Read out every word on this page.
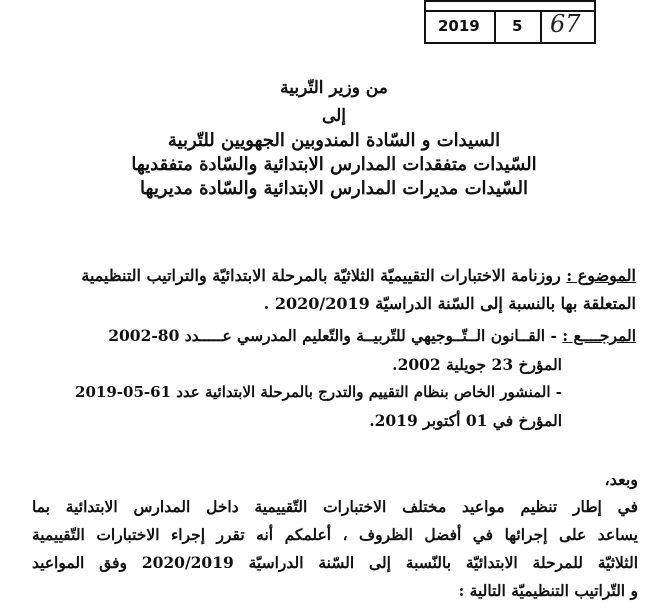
2019 5 67
من وزير التّربية
إلى
السيدات و السّادة المندوبين الجهويين للتّربية
السّيدات متفقدات المدارس الابتدائية والسّادة متفقديها
السّيدات مديرات المدارس الابتدائية والسّادة مديريها
الموضوع : روزنامة الاختبارات التقييميّة الثلاثيّة بالمرحلة الابتدائيّة والتراتيب التنظيمية
المتعلقة بها بالنسبة إلى السّنة الدراسيّة 2020/2019 .
المرجــــع : - القــانون الــتّــوجيهي للتّربيــة والتّعليم المدرسي عـــــدد 80-2002
المؤرخ 23 جويلية 2002.
- المنشور الخاص بنظام التقييم والتدرج بالمرحلة الابتدائية عدد 61-05-2019
المؤرخ في 01 أكتوبر 2019.
وبعد،
في إطار تنظيم مواعيد مختلف الاختبارات التّقييمية داخل المدارس الابتدائية بما
يساعد على إجرائها في أفضل الظروف ، أعلمكم أنه تقرر إجراء الاختبارات التّقييمية
الثلاثيّة للمرحلة الابتدائيّة بالنّسبة إلى السّنة الدراسيّة 2020/2019 وفق المواعيد
و التّراتيب التنظيميّة التالية :
